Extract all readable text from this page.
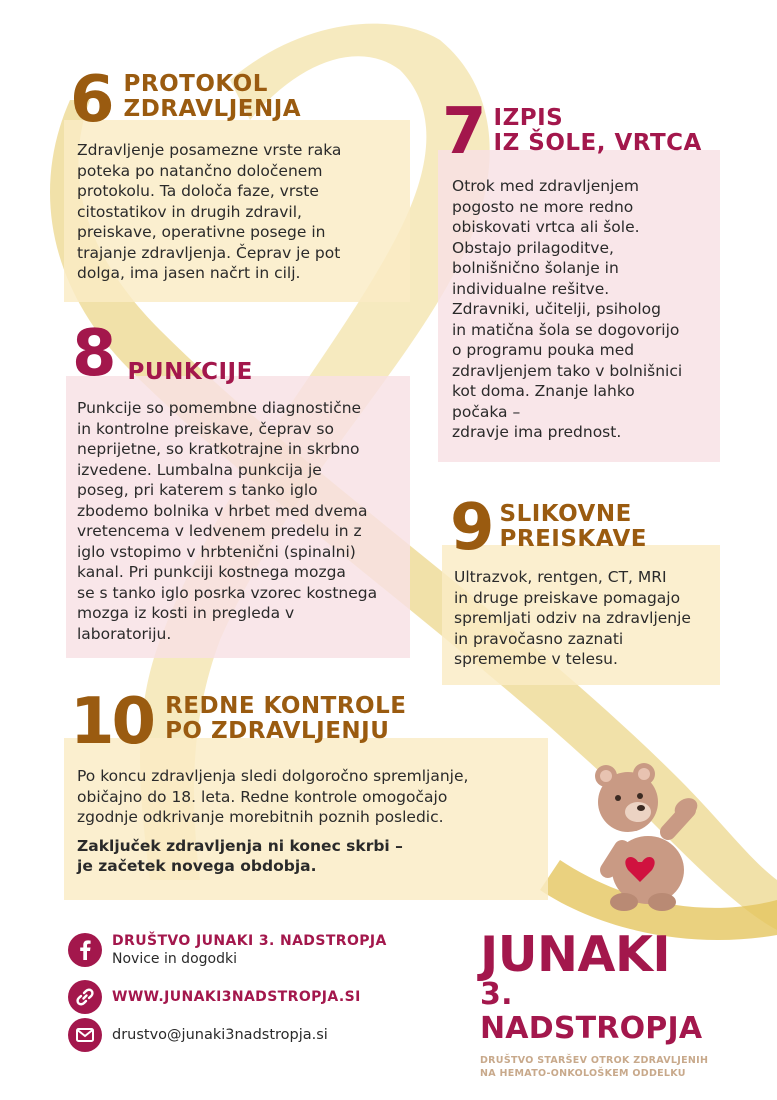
Zdravljenje posamezne vrste raka
poteka po natančno določenem
protokolu. Ta določa faze, vrste
citostatikov in drugih zdravil,
preiskave, operativne posege in
trajanje zdravljenja. Čeprav je pot
dolga, ima jasen načrt in cilj.
6 PROTOKOL
ZDRAVLJENJA
Otrok med zdravljenjem
pogosto ne more redno
obiskovati vrtca ali šole.
Obstajo prilagoditve,
bolnišnično šolanje in
individualne rešitve.
Zdravniki, učitelji, psiholog
in matična šola se dogovorijo
o programu pouka med
zdravljenjem tako v bolnišnici
kot doma. Znanje lahko
počaka –
zdravje ima prednost.
7 IZPIS
IZ ŠOLE, VRTCA
Punkcije so pomembne diagnostične
in kontrolne preiskave, čeprav so
neprijetne, so kratkotrajne in skrbno
izvedene. Lumbalna punkcija je
poseg, pri katerem s tanko iglo
zbodemo bolnika v hrbet med dvema
vretencema v ledvenem predelu in z
iglo vstopimo v hrbtenični (spinalni)
kanal. Pri punkciji kostnega mozga
se s tanko iglo posrka vzorec kostnega
mozga iz kosti in pregleda v
laboratoriju.
8 PUNKCIJE
Ultrazvok, rentgen, CT, MRI
in druge preiskave pomagajo
spremljati odziv na zdravljenje
in pravočasno zaznati
spremembe v telesu.
9 SLIKOVNE
PREISKAVE
Po koncu zdravljenja sledi dolgoročno spremljanje,
običajno do 18. leta. Redne kontrole omogočajo
zgodnje odkrivanje morebitnih poznih posledic.
Zaključek zdravljenja ni konec skrbi –
je začetek novega obdobja.
10 REDNE KONTROLE
PO ZDRAVLJENJU
DRUŠTVO JUNAKI 3. NADSTROPJA
Novice in dogodki
WWW.JUNAKI3NADSTROPJA.SI
drustvo@junaki3nadstropja.si
JUNAKI
3. NADSTROPJA
DRUŠTVO STARŠEV OTROK ZDRAVLJENIH
NA HEMATO-ONKOLOŠKEM ODDELKU
